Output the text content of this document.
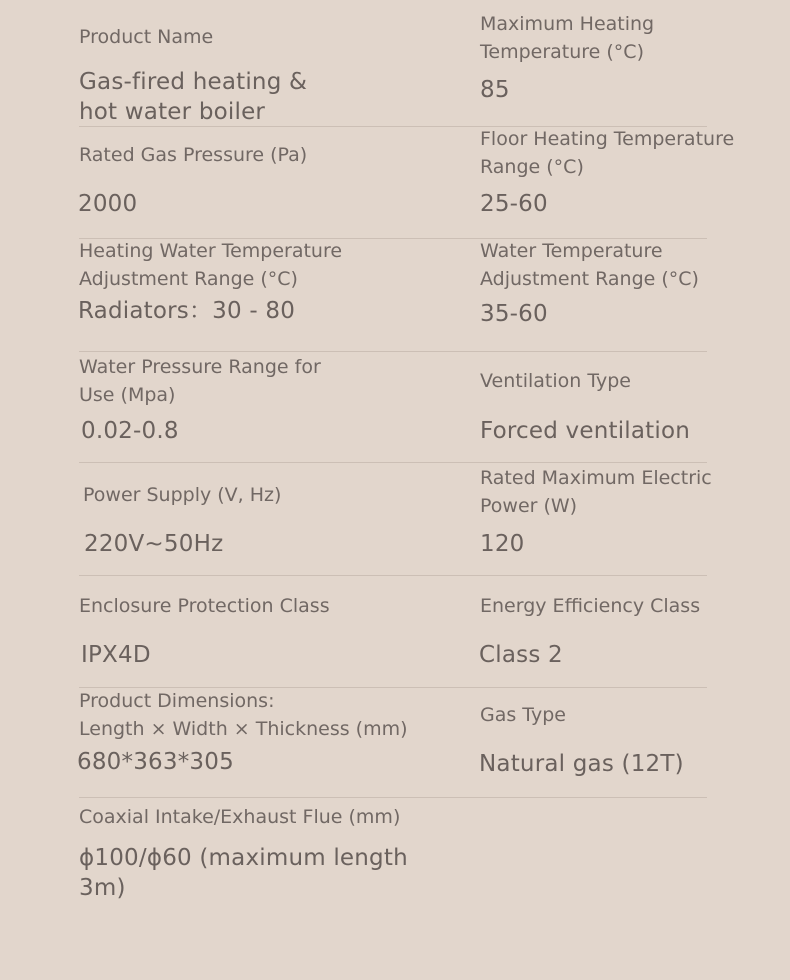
Product Name

Gas-fired heating &
hot water boiler

Maximum Heating
Temperature (°C)

85

Rated Gas Pressure (Pa)

2000

Floor Heating Temperature
Range (°C)

25-60

Heating Water Temperature
Adjustment Range (°C)

Radiators：30 - 80

Water Temperature
Adjustment Range (°C)

35-60

Water Pressure Range for
Use (Mpa)

0.02-0.8

Ventilation Type

Forced ventilation

Power Supply (V, Hz)

220V~50Hz

Rated Maximum Electric
Power (W)

120

Enclosure Protection Class

IPX4D

Energy Efficiency Class

Class 2

Product Dimensions:
Length × Width × Thickness (mm)

680*363*305

Gas Type

Natural gas (12T)

Coaxial Intake/Exhaust Flue (mm)

ϕ100/ϕ60 (maximum length 3m)
